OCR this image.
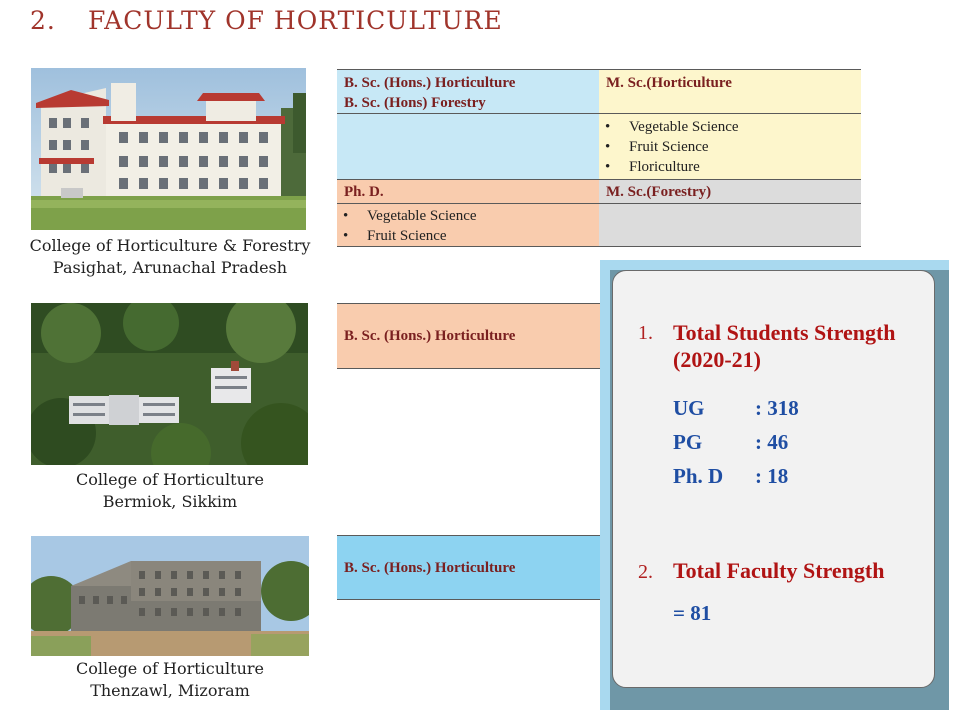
2. FACULTY OF HORTICULTURE
College of Horticulture & Forestry
Pasighat, Arunachal Pradesh
College of Horticulture
Bermiok, Sikkim
College of Horticulture
Thenzawl, Mizoram
B. Sc. (Hons.) Horticulture
B. Sc. (Hons) Forestry
M. Sc.(Horticulture
• Vegetable Science
• Fruit Science
• Floriculture
Ph. D.
• Vegetable Science
• Fruit Science
M. Sc.(Forestry)
B. Sc. (Hons.) Horticulture
B. Sc. (Hons.) Horticulture
1. Total Students Strength
(2020-21)
UG : 318
PG	: 46
Ph. D : 18
2. Total Faculty Strength
= 81
